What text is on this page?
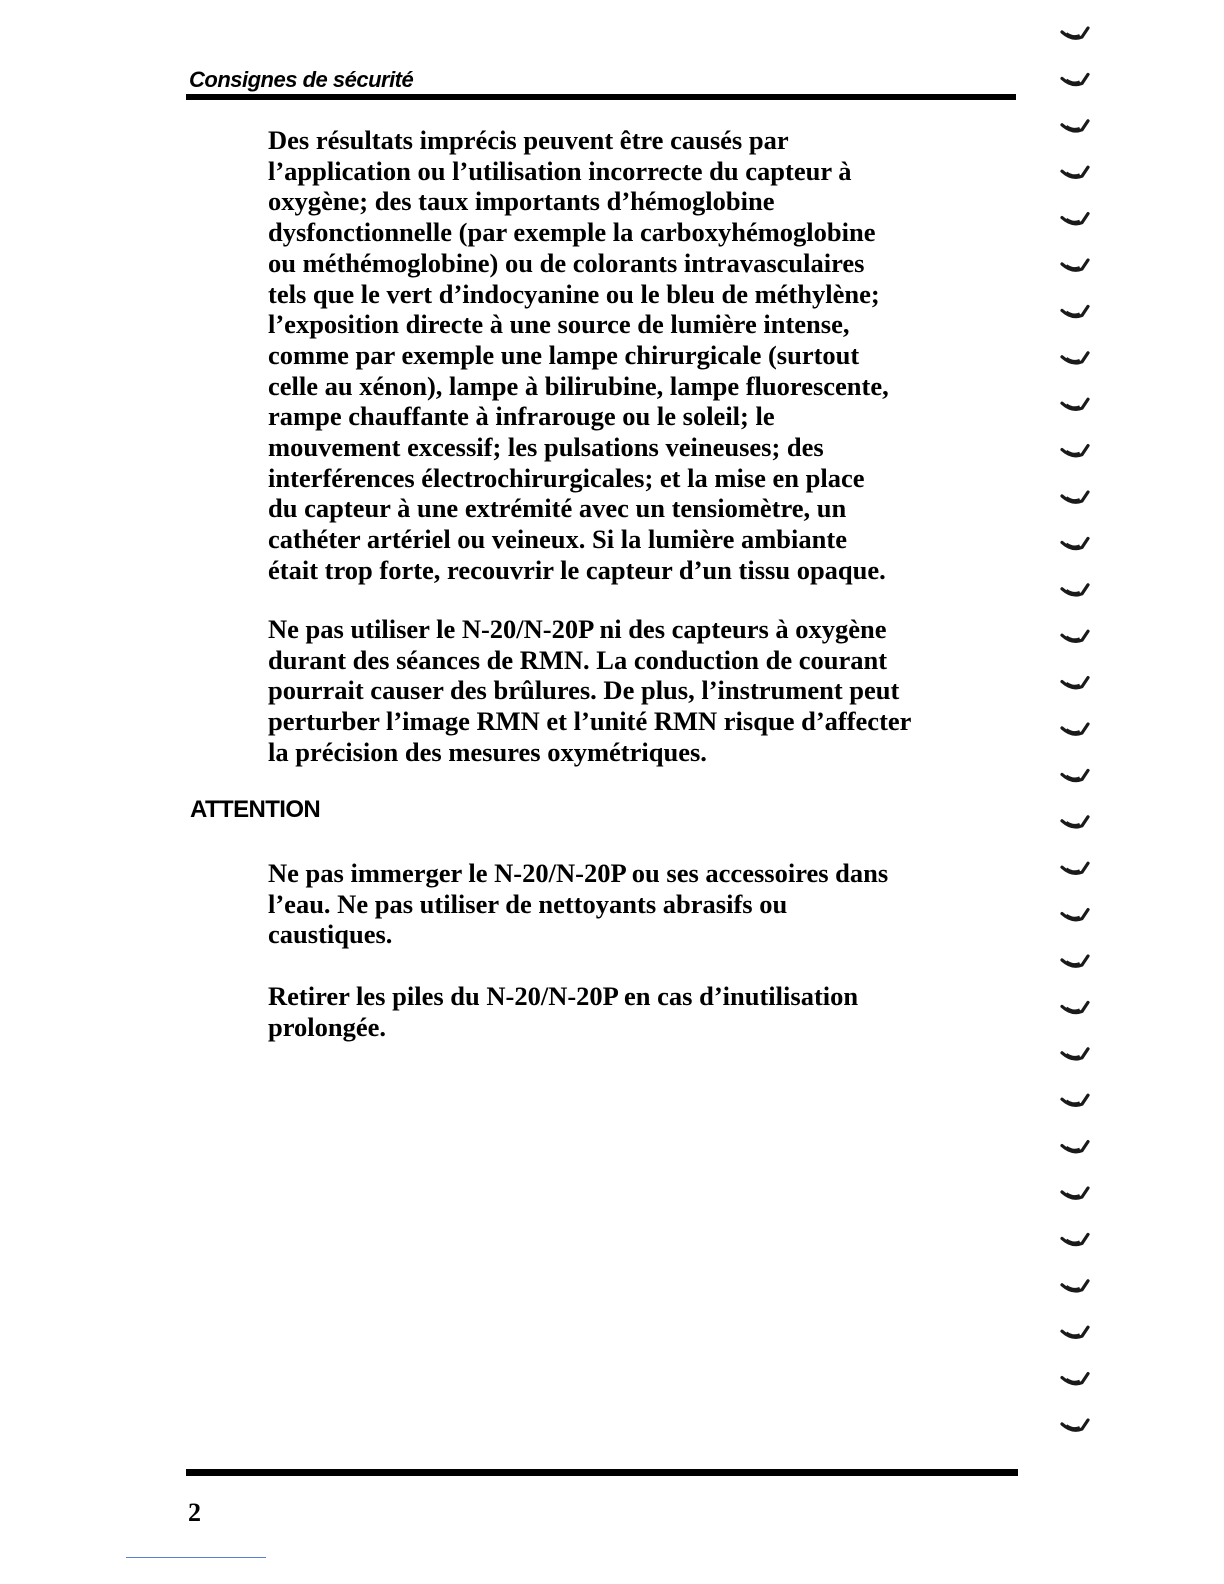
Consignes de sécurité

Des résultats imprécis peuvent être causés par
l’application ou l’utilisation incorrecte du capteur à
oxygène; des taux importants d’hémoglobine
dysfonctionnelle (par exemple la carboxyhémoglobine
ou méthémoglobine) ou de colorants intravasculaires
tels que le vert d’indocyanine ou le bleu de méthylène;
l’exposition directe à une source de lumière intense,
comme par exemple une lampe chirurgicale (surtout
celle au xénon), lampe à bilirubine, lampe fluorescente,
rampe chauffante à infrarouge ou le soleil; le
mouvement excessif; les pulsations veineuses; des
interférences électrochirurgicales; et la mise en place
du capteur à une extrémité avec un tensiomètre, un
cathéter artériel ou veineux. Si la lumière ambiante
était trop forte, recouvrir le capteur d’un tissu opaque.

Ne pas utiliser le N-20/N-20P ni des capteurs à oxygène
durant des séances de RMN. La conduction de courant
pourrait causer des brûlures. De plus, l’instrument peut
perturber l’image RMN et l’unité RMN risque d’affecter
la précision des mesures oxymétriques.

ATTENTION

Ne pas immerger le N-20/N-20P ou ses accessoires dans
l’eau. Ne pas utiliser de nettoyants abrasifs ou
caustiques.

Retirer les piles du N-20/N-20P en cas d’inutilisation
prolongée.

2
